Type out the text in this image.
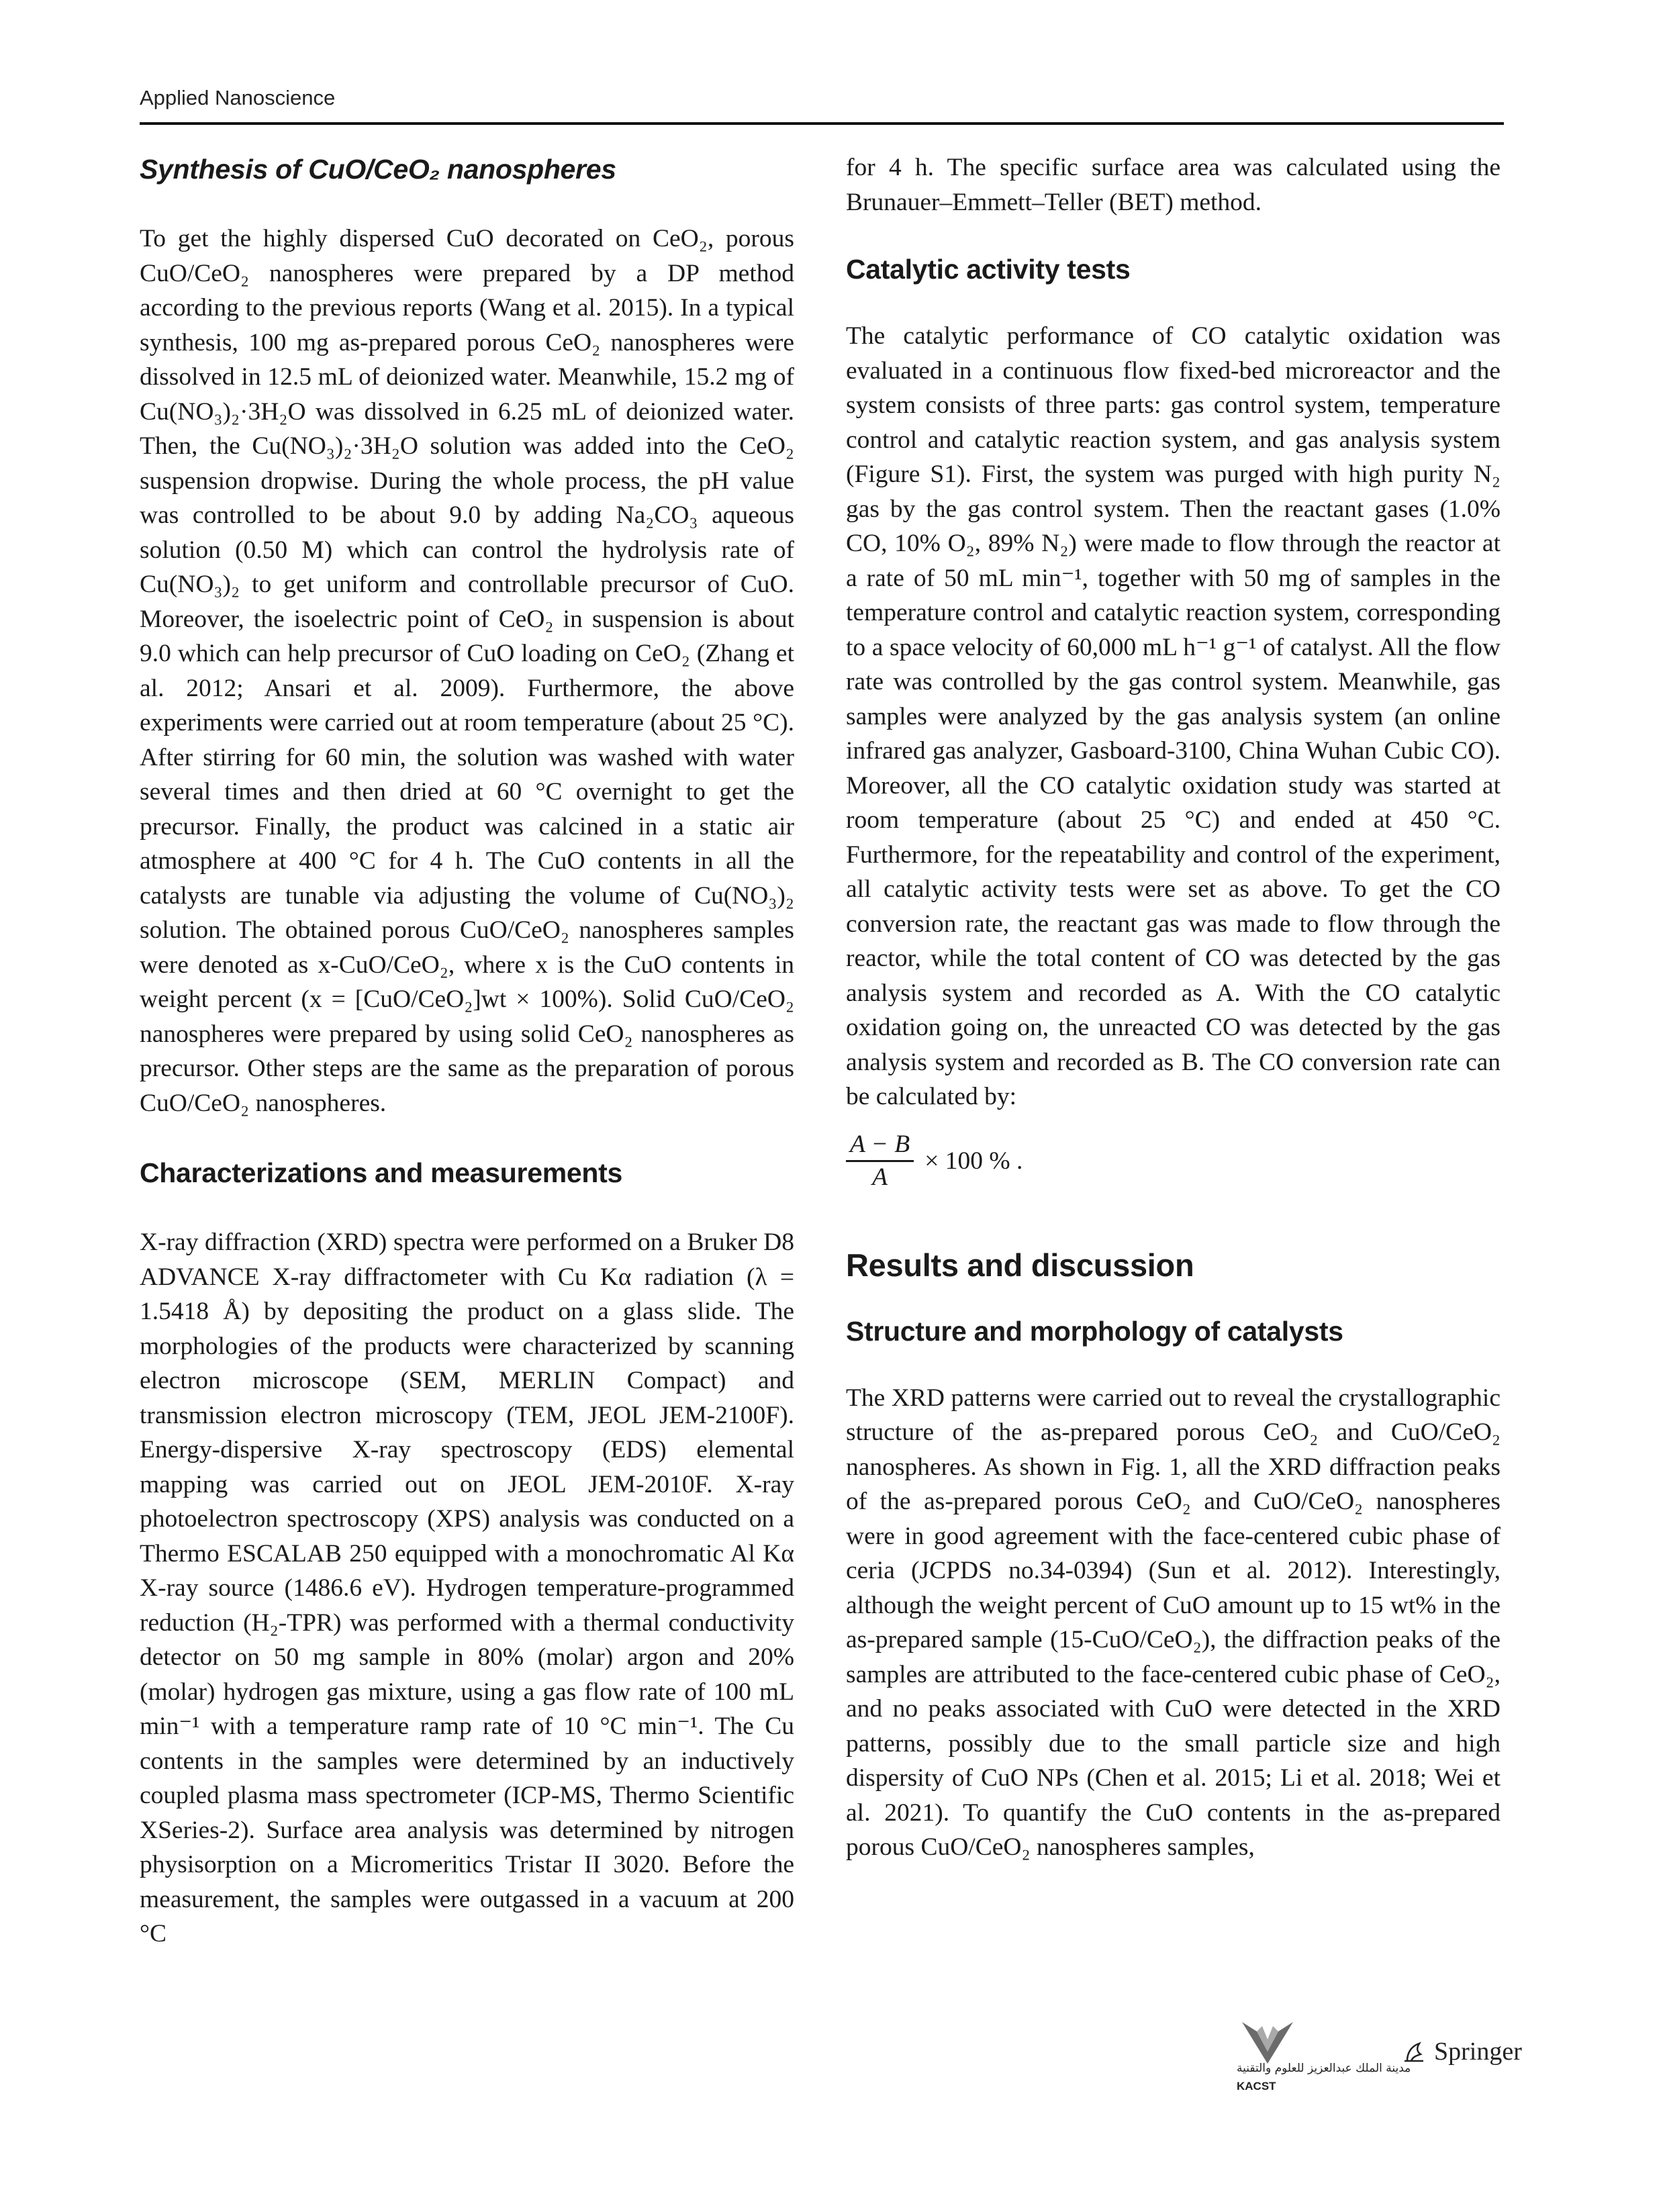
Applied Nanoscience
Synthesis of CuO/CeO₂ nanospheres

To get the highly dispersed CuO decorated on CeO₂, porous CuO/CeO₂ nanospheres were prepared by a DP method according to the previous reports (Wang et al. 2015). In a typical synthesis, 100 mg as-prepared porous CeO₂ nanospheres were dissolved in 12.5 mL of deionized water. Meanwhile, 15.2 mg of Cu(NO₃)₂·3H₂O was dissolved in 6.25 mL of deionized water. Then, the Cu(NO₃)₂·3H₂O solution was added into the CeO₂ suspension dropwise. During the whole process, the pH value was controlled to be about 9.0 by adding Na₂CO₃ aqueous solution (0.50 M) which can control the hydrolysis rate of Cu(NO₃)₂ to get uniform and controllable precursor of CuO. Moreover, the isoelectric point of CeO₂ in suspension is about 9.0 which can help precursor of CuO loading on CeO₂ (Zhang et al. 2012; Ansari et al. 2009). Furthermore, the above experiments were carried out at room temperature (about 25 °C). After stirring for 60 min, the solution was washed with water several times and then dried at 60 °C overnight to get the precursor. Finally, the product was calcined in a static air atmosphere at 400 °C for 4 h. The CuO contents in all the catalysts are tunable via adjusting the volume of Cu(NO₃)₂ solution. The obtained porous CuO/CeO₂ nanospheres samples were denoted as x-CuO/CeO₂, where x is the CuO contents in weight percent (x = [CuO/CeO₂]wt × 100%). Solid CuO/CeO₂ nanospheres were prepared by using solid CeO₂ nanospheres as precursor. Other steps are the same as the preparation of porous CuO/CeO₂ nanospheres.

Characterizations and measurements

X-ray diffraction (XRD) spectra were performed on a Bruker D8 ADVANCE X-ray diffractometer with Cu Kα radiation (λ = 1.5418 Å) by depositing the product on a glass slide. The morphologies of the products were characterized by scanning electron microscope (SEM, MERLIN Compact) and transmission electron microscopy (TEM, JEOL JEM-2100F). Energy-dispersive X-ray spectroscopy (EDS) elemental mapping was carried out on JEOL JEM-2010F. X-ray photoelectron spectroscopy (XPS) analysis was conducted on a Thermo ESCALAB 250 equipped with a monochromatic Al Kα X-ray source (1486.6 eV). Hydrogen temperature-programmed reduction (H₂-TPR) was performed with a thermal conductivity detector on 50 mg sample in 80% (molar) argon and 20% (molar) hydrogen gas mixture, using a gas flow rate of 100 mL min⁻¹ with a temperature ramp rate of 10 °C min⁻¹. The Cu contents in the samples were determined by an inductively coupled plasma mass spectrometer (ICP-MS, Thermo Scientific XSeries-2). Surface area analysis was determined by nitrogen physisorption on a Micromeritics Tristar II 3020. Before the measurement, the samples were outgassed in a vacuum at 200 °C

for 4 h. The specific surface area was calculated using the Brunauer–Emmett–Teller (BET) method.

Catalytic activity tests

The catalytic performance of CO catalytic oxidation was evaluated in a continuous flow fixed-bed microreactor and the system consists of three parts: gas control system, temperature control and catalytic reaction system, and gas analysis system (Figure S1). First, the system was purged with high purity N₂ gas by the gas control system. Then the reactant gases (1.0% CO, 10% O₂, 89% N₂) were made to flow through the reactor at a rate of 50 mL min⁻¹, together with 50 mg of samples in the temperature control and catalytic reaction system, corresponding to a space velocity of 60,000 mL h⁻¹ g⁻¹ of catalyst. All the flow rate was controlled by the gas control system. Meanwhile, gas samples were analyzed by the gas analysis system (an online infrared gas analyzer, Gasboard-3100, China Wuhan Cubic CO). Moreover, all the CO catalytic oxidation study was started at room temperature (about 25 °C) and ended at 450 °C. Furthermore, for the repeatability and control of the experiment, all catalytic activity tests were set as above. To get the CO conversion rate, the reactant gas was made to flow through the reactor, while the total content of CO was detected by the gas analysis system and recorded as A. With the CO catalytic oxidation going on, the unreacted CO was detected by the gas analysis system and recorded as B. The CO conversion rate can be calculated by:

$\frac{A - B}{A} \times 100$ % .
Results and discussion
Structure and morphology of catalysts

The XRD patterns were carried out to reveal the crystallographic structure of the as-prepared porous CeO₂ and CuO/CeO₂ nanospheres. As shown in Fig. 1, all the XRD diffraction peaks of the as-prepared porous CeO₂ and CuO/CeO₂ nanospheres were in good agreement with the face-centered cubic phase of ceria (JCPDS no.34-0394) (Sun et al. 2012). Interestingly, although the weight percent of CuO amount up to 15 wt% in the as-prepared sample (15-CuO/CeO₂), the diffraction peaks of the samples are attributed to the face-centered cubic phase of CeO₂, and no peaks associated with CuO were detected in the XRD patterns, possibly due to the small particle size and high dispersity of CuO NPs (Chen et al. 2015; Li et al. 2018; Wei et al. 2021). To quantify the CuO contents in the as-prepared porous CuO/CeO₂ nanospheres samples,

مدينة الملك عبدالعزيز للعلوم والتقنية
KACST
Springer
